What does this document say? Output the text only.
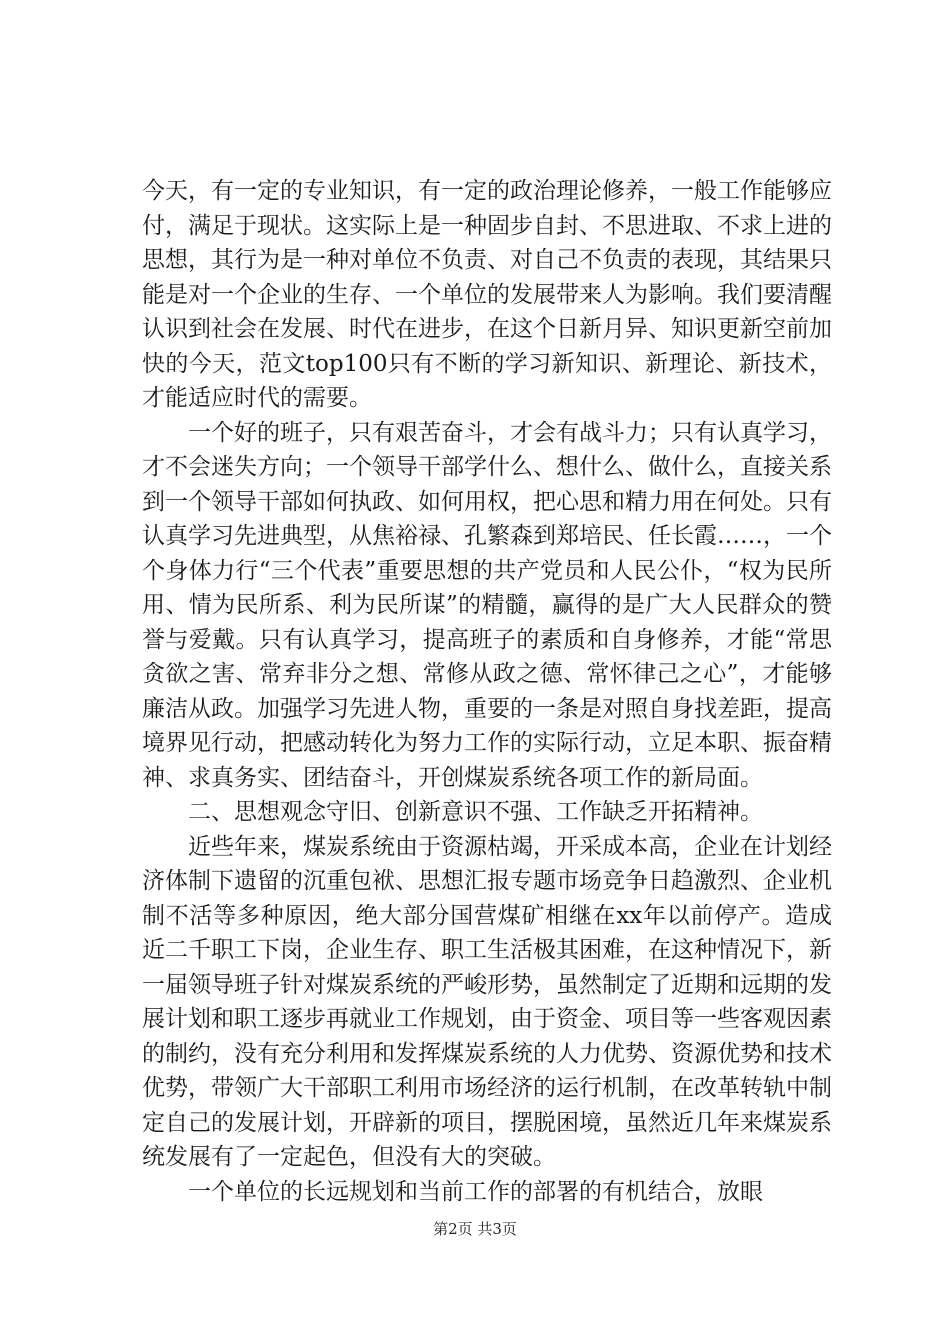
今天，有一定的专业知识，有一定的政治理论修养，一般工作能够应付，满足于现状。这实际上是一种固步自封、不思进取、不求上进的思想，其行为是一种对单位不负责、对自己不负责的表现，其结果只能是对一个企业的生存、一个单位的发展带来人为影响。我们要清醒认识到社会在发展、时代在进步，在这个日新月异、知识更新空前加快的今天，范文top100只有不断的学习新知识、新理论、新技术，才能适应时代的需要。

一个好的班子，只有艰苦奋斗，才会有战斗力；只有认真学习，才不会迷失方向；一个领导干部学什么、想什么、做什么，直接关系到一个领导干部如何执政、如何用权，把心思和精力用在何处。只有认真学习先进典型，从焦裕禄、孔繁森到郑培民、任长霞……，一个个身体力行“三个代表”重要思想的共产党员和人民公仆，“权为民所用、情为民所系、利为民所谋”的精髓，赢得的是广大人民群众的赞誉与爱戴。只有认真学习，提高班子的素质和自身修养，才能“常思贪欲之害、常弃非分之想、常修从政之德、常怀律己之心”，才能够廉洁从政。加强学习先进人物，重要的一条是对照自身找差距，提高境界见行动，把感动转化为努力工作的实际行动，立足本职、振奋精神、求真务实、团结奋斗，开创煤炭系统各项工作的新局面。

二、思想观念守旧、创新意识不强、工作缺乏开拓精神。

近些年来，煤炭系统由于资源枯竭，开采成本高，企业在计划经济体制下遗留的沉重包袱、思想汇报专题市场竞争日趋激烈、企业机制不活等多种原因，绝大部分国营煤矿相继在xx年以前停产。造成近二千职工下岗，企业生存、职工生活极其困难，在这种情况下，新一届领导班子针对煤炭系统的严峻形势，虽然制定了近期和远期的发展计划和职工逐步再就业工作规划，由于资金、项目等一些客观因素的制约，没有充分利用和发挥煤炭系统的人力优势、资源优势和技术优势，带领广大干部职工利用市场经济的运行机制，在改革转轨中制定自己的发展计划，开辟新的项目，摆脱困境，虽然近几年来煤炭系统发展有了一定起色，但没有大的突破。

一个单位的长远规划和当前工作的部署的有机结合，放眼

第2页 共3页
